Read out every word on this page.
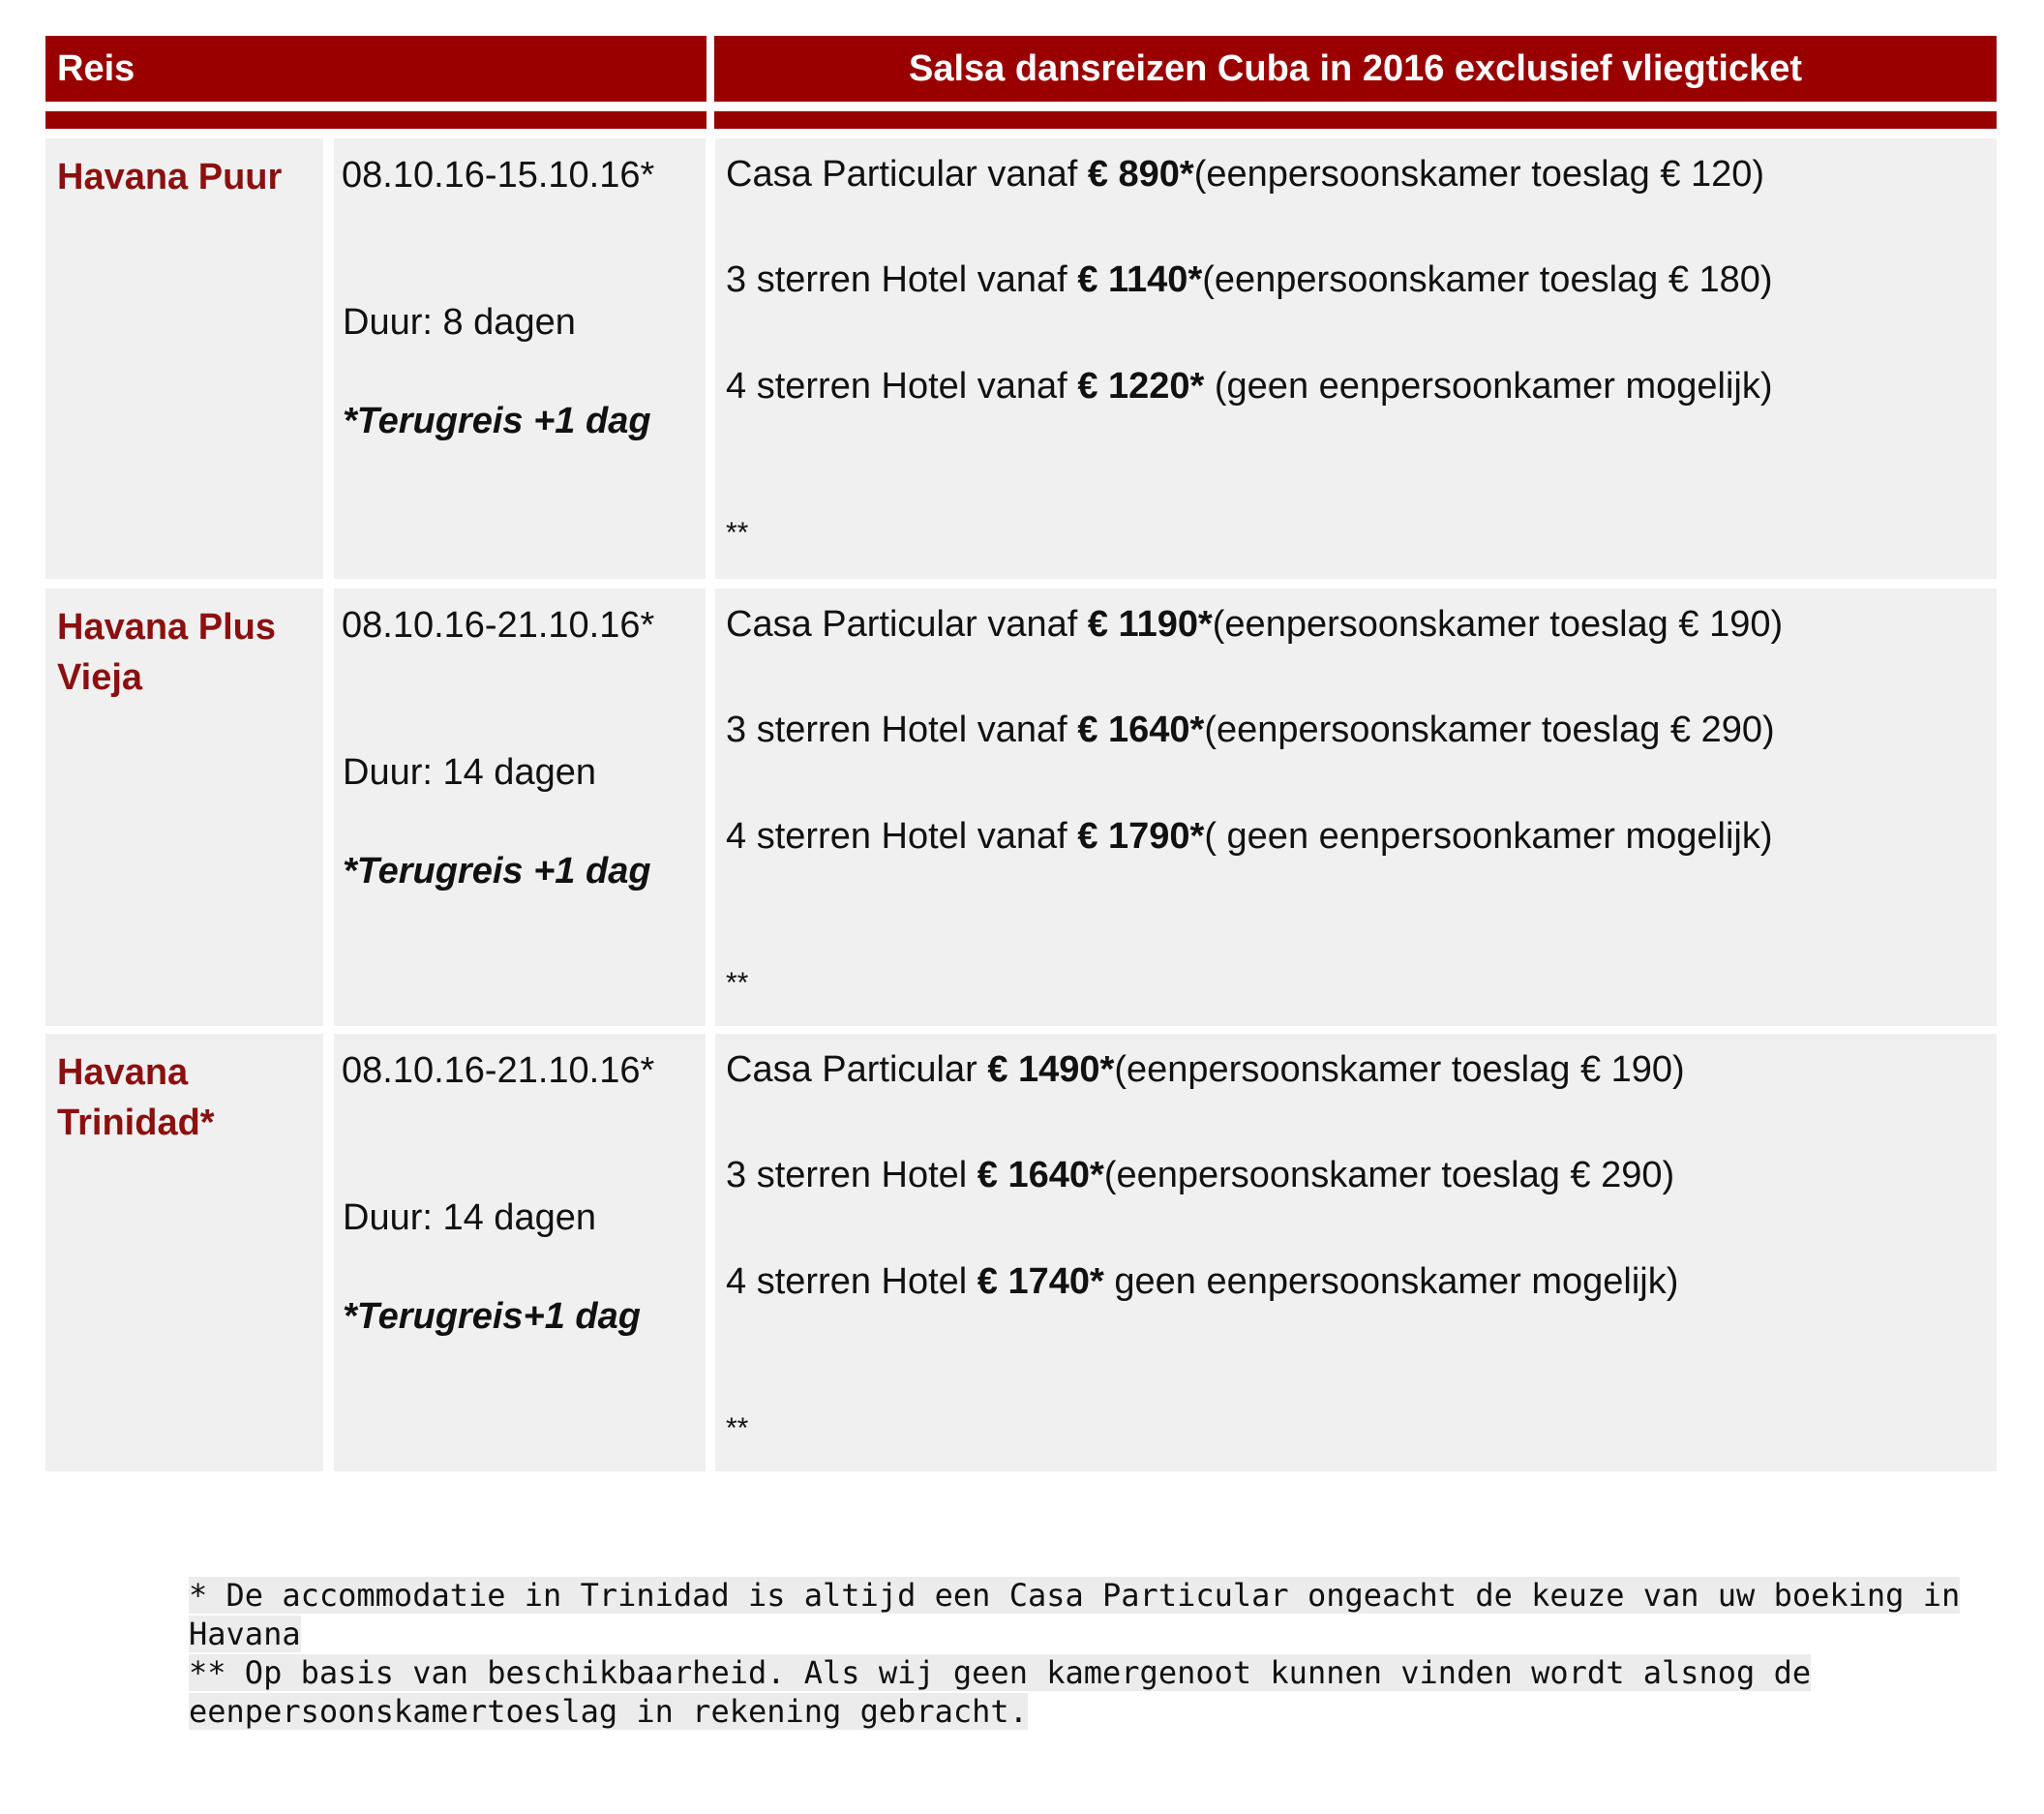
Reis	Salsa dansreizen Cuba in 2016 exclusief vliegticket
Havana Puur	08.10.16-15.10.16*
Duur: 8 dagen
*Terugreis +1 dag
Casa Particular vanaf € 890*(eenpersoonskamer toeslag € 120)
3 sterren Hotel vanaf € 1140*(eenpersoonskamer toeslag € 180)
4 sterren Hotel vanaf € 1220* (geen eenpersoonkamer mogelijk)
**
Havana Plus Vieja
08.10.16-21.10.16*
Duur: 14 dagen
*Terugreis +1 dag
Casa Particular vanaf € 1190*(eenpersoonskamer toeslag € 190)
3 sterren Hotel vanaf € 1640*(eenpersoonskamer toeslag € 290)
4 sterren Hotel vanaf € 1790*( geen eenpersoonkamer mogelijk)
**
Havana Trinidad*
08.10.16-21.10.16*
Duur: 14 dagen
*Terugreis+1 dag
Casa Particular € 1490*(eenpersoonskamer toeslag € 190)
3 sterren Hotel € 1640*(eenpersoonskamer toeslag € 290)
4 sterren Hotel € 1740* geen eenpersoonskamer mogelijk)
**
* De accommodatie in Trinidad is altijd een Casa Particular ongeacht de keuze van uw boeking in Havana
** Op basis van beschikbaarheid. Als wij geen kamergenoot kunnen vinden wordt alsnog de
eenpersoonskamertoeslag in rekening gebracht.
